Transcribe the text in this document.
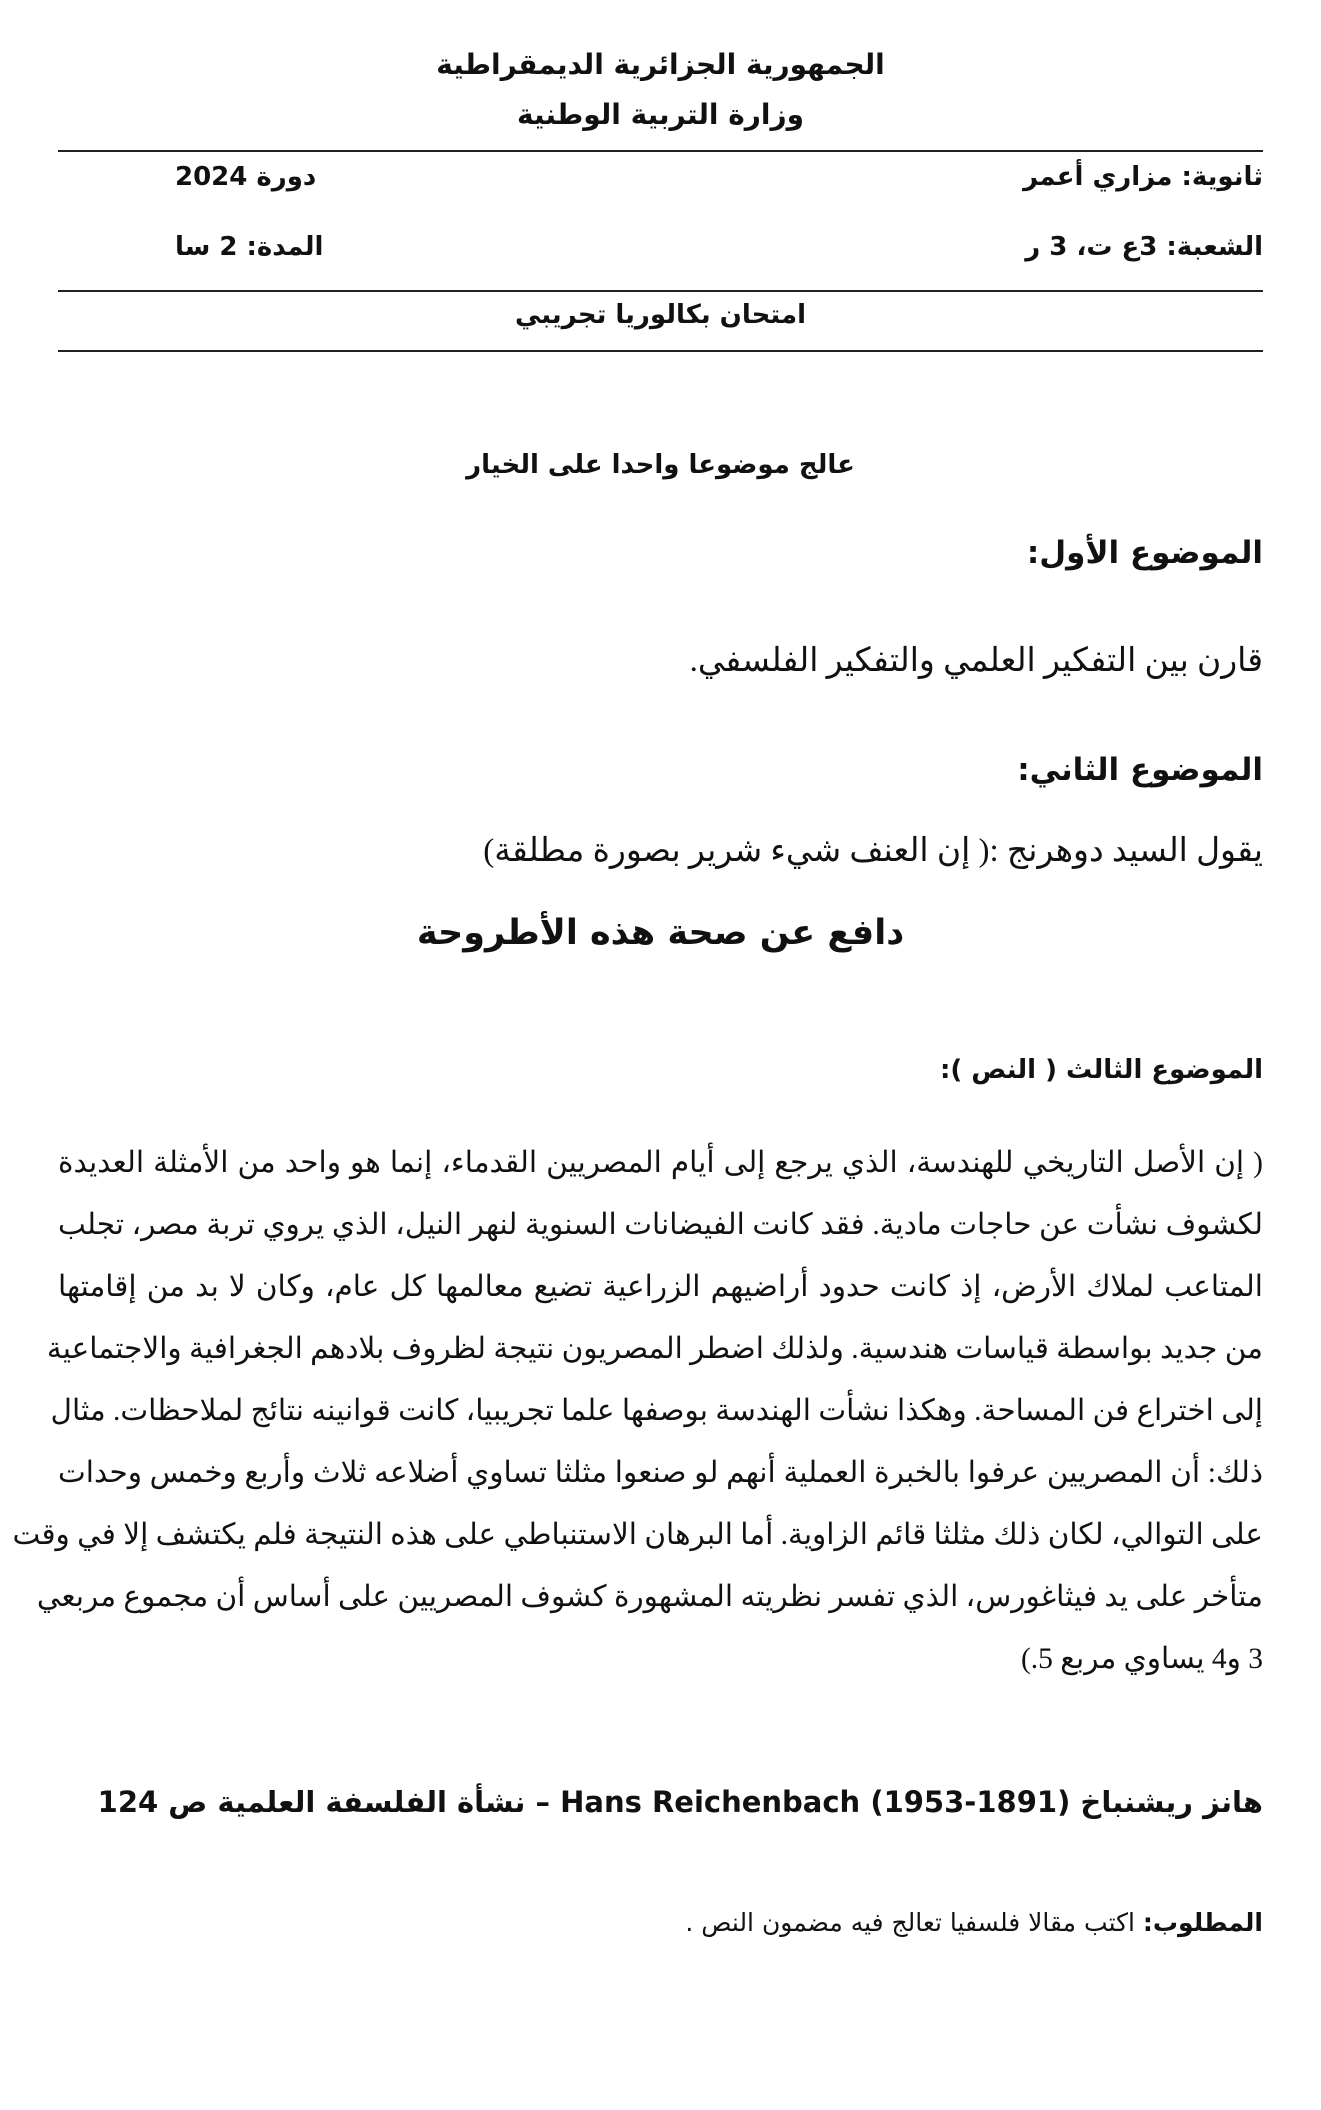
الجمهورية الجزائرية الديمقراطية
وزارة التربية الوطنية
ثانوية: مزاري أعمر
دورة 2024
الشعبة: 3ع ت، 3 ر
المدة: 2 سا
امتحان بكالوريا تجريبي
عالج موضوعا واحدا على الخيار
الموضوع الأول:
قارن بين التفكير العلمي والتفكير الفلسفي.
الموضوع الثاني:
يقول السيد دوهرنج :( إن العنف شيء شرير بصورة مطلقة)
دافع عن صحة هذه الأطروحة
الموضوع الثالث ( النص ):
( إن الأصل التاريخي للهندسة، الذي يرجع إلى أيام المصريين القدماء، إنما هو واحد من الأمثلة العديدة
لكشوف نشأت عن حاجات مادية. فقد كانت الفيضانات السنوية لنهر النيل، الذي يروي تربة مصر، تجلب
المتاعب لملاك الأرض، إذ كانت حدود أراضيهم الزراعية تضيع معالمها كل عام، وكان لا بد من إقامتها
من جديد بواسطة قياسات هندسية. ولذلك اضطر المصريون نتيجة لظروف بلادهم الجغرافية والاجتماعية
إلى اختراع فن المساحة. وهكذا نشأت الهندسة بوصفها علما تجريبيا، كانت قوانينه نتائج لملاحظات. مثال
ذلك: أن المصريين عرفوا بالخبرة العملية أنهم لو صنعوا مثلثا تساوي أضلاعه ثلاث وأربع وخمس وحدات
على التوالي، لكان ذلك مثلثا قائم الزاوية. أما البرهان الاستنباطي على هذه النتيجة فلم يكتشف إلا في وقت
متأخر على يد فيثاغورس، الذي تفسر نظريته المشهورة كشوف المصريين على أساس أن مجموع مربعي
3 و4 يساوي مربع 5.)
هانز ريشنباخ (1891-1953) Hans Reichenbach – نشأة الفلسفة العلمية ص 124
المطلوب: اكتب مقالا فلسفيا تعالج فيه مضمون النص .
